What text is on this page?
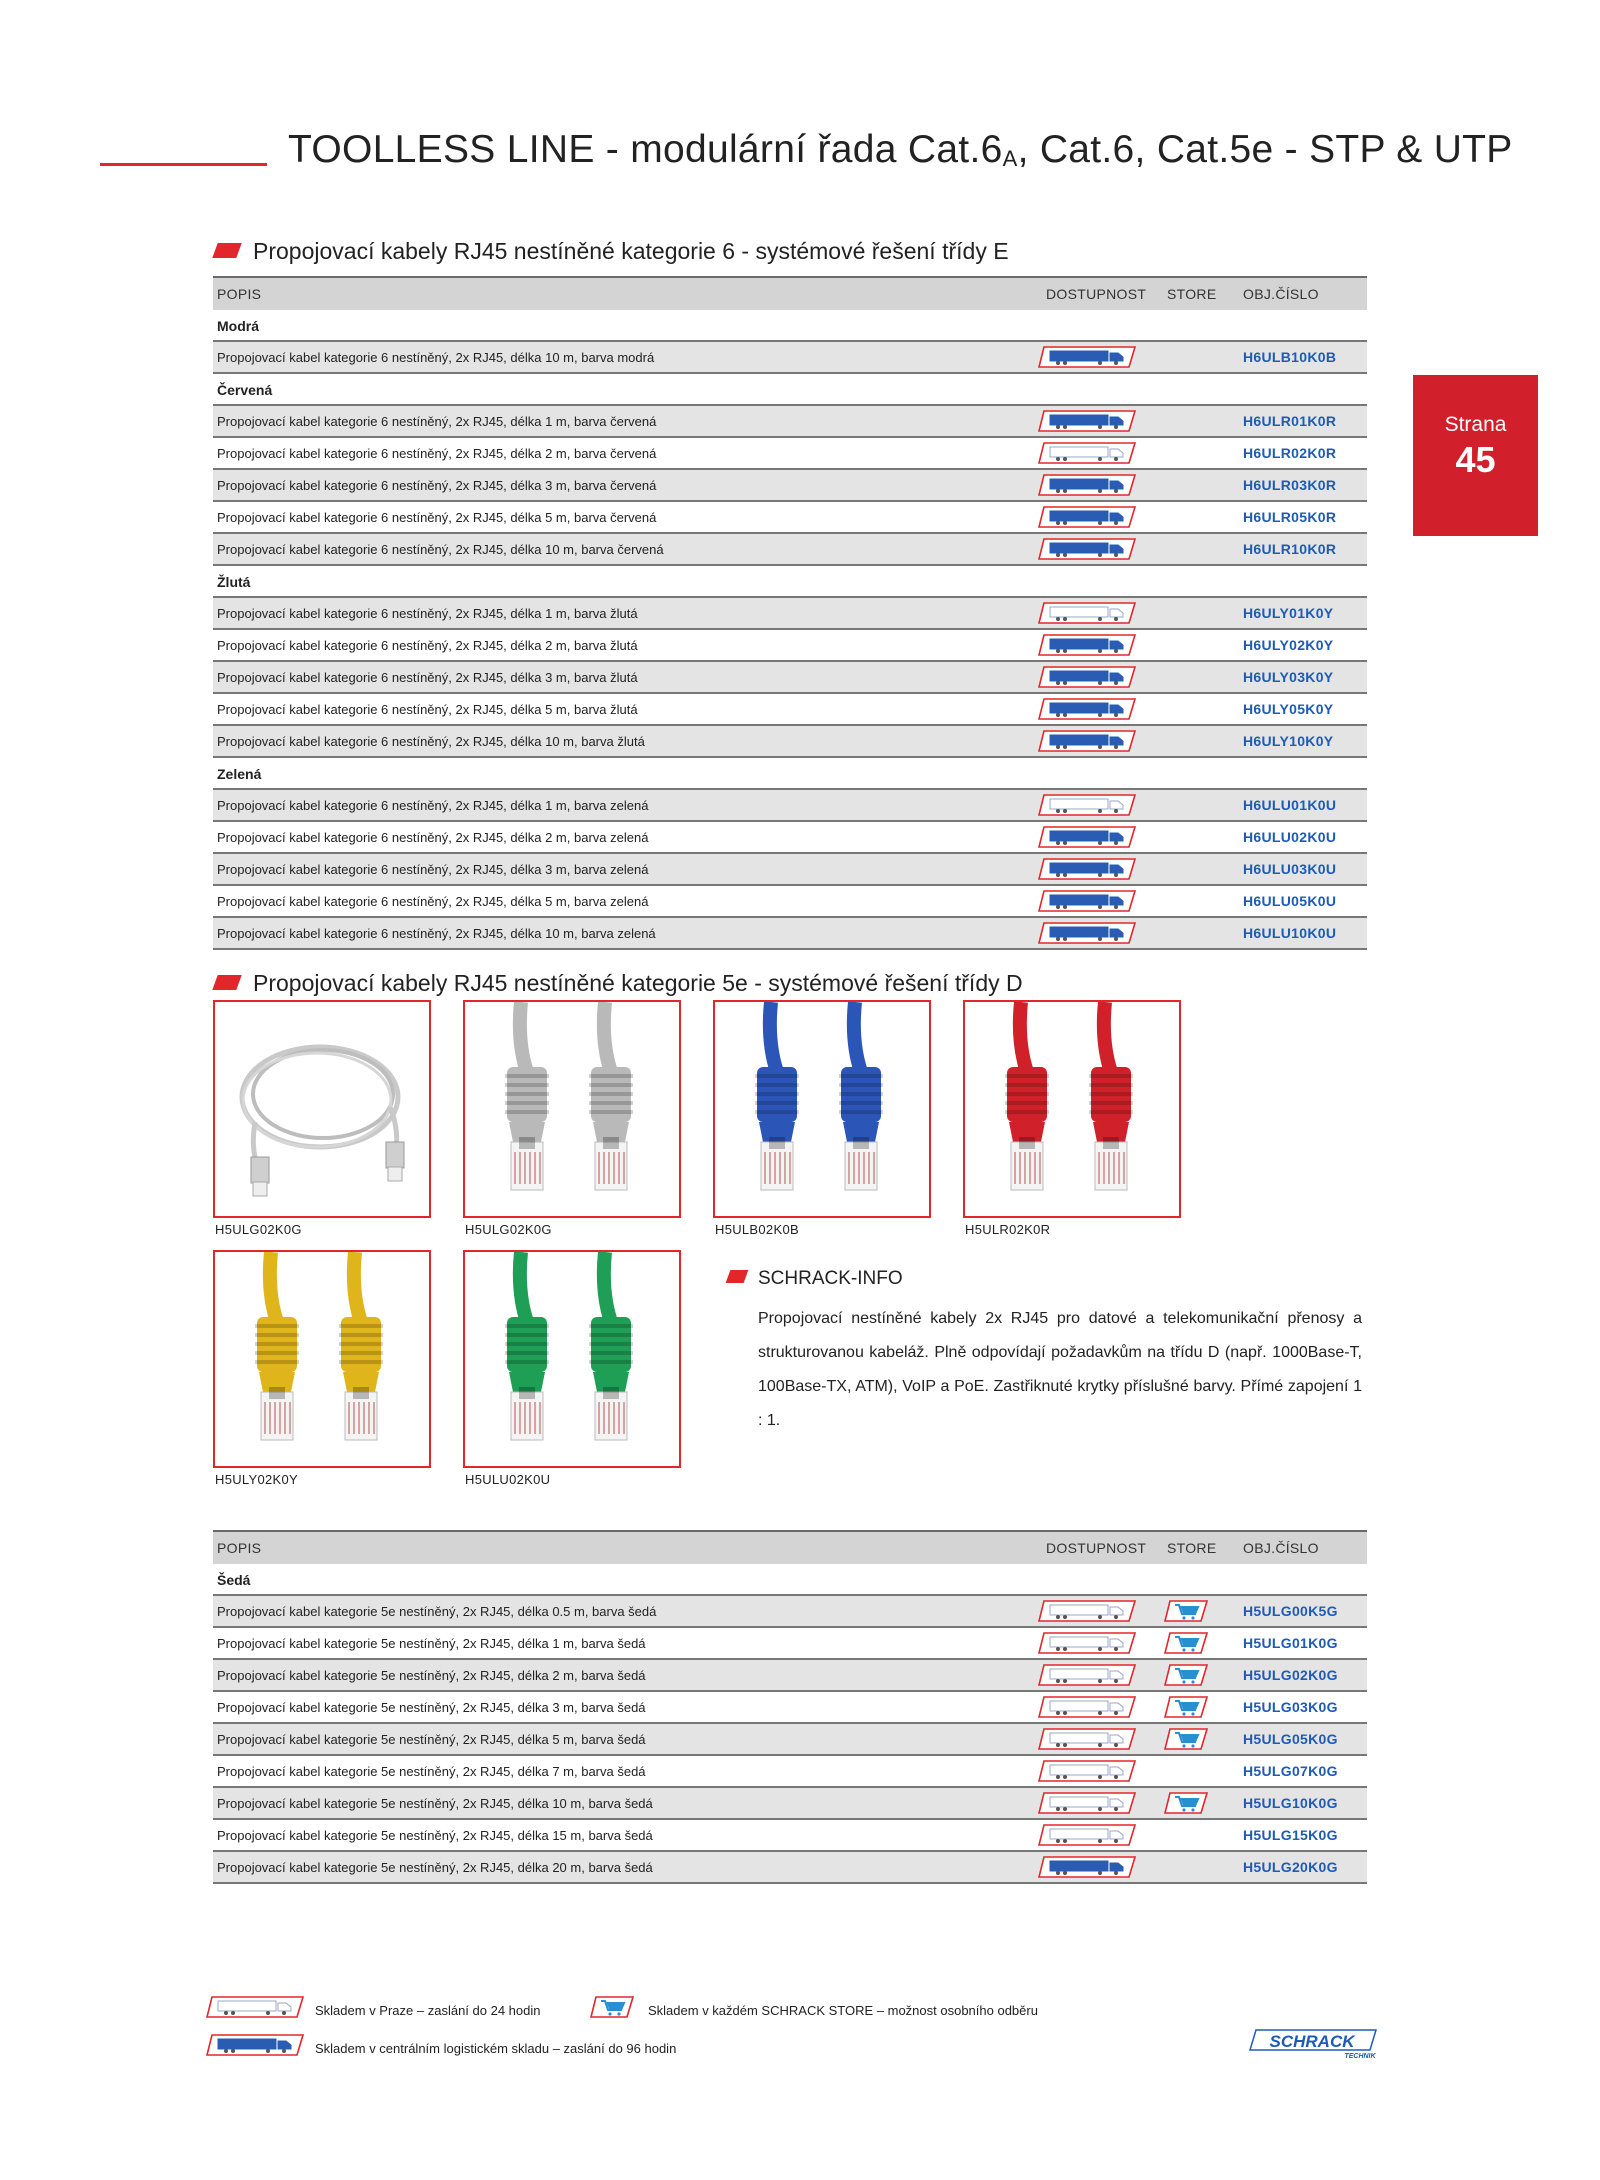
TOOLLESS LINE - modulární řada $Cat.6_A$, Cat.6, Cat.5e - STP & UTP
Strana
45
Propojovací kabely RJ45 nestíněné kategorie 6 - systémové řešení třídy E
POPIS	DOSTUPNOST STORE OBJ.ČÍSLO
Modrá
Propojovací kabel kategorie 6 nestíněný, 2x RJ45, délka 10 m, barva modrá	H6ULB10K0B
Červená
Propojovací kabel kategorie 6 nestíněný, 2x RJ45, délka 1 m, barva červená	H6ULR01K0R
Propojovací kabel kategorie 6 nestíněný, 2x RJ45, délka 2 m, barva červená	H6ULR02K0R
Propojovací kabel kategorie 6 nestíněný, 2x RJ45, délka 3 m, barva červená	H6ULR03K0R
Propojovací kabel kategorie 6 nestíněný, 2x RJ45, délka 5 m, barva červená	H6ULR05K0R
Propojovací kabel kategorie 6 nestíněný, 2x RJ45, délka 10 m, barva červená	H6ULR10K0R
Žlutá
Propojovací kabel kategorie 6 nestíněný, 2x RJ45, délka 1 m, barva žlutá	H6ULY01K0Y
Propojovací kabel kategorie 6 nestíněný, 2x RJ45, délka 2 m, barva žlutá	H6ULY02K0Y
Propojovací kabel kategorie 6 nestíněný, 2x RJ45, délka 3 m, barva žlutá	H6ULY03K0Y
Propojovací kabel kategorie 6 nestíněný, 2x RJ45, délka 5 m, barva žlutá	H6ULY05K0Y
Propojovací kabel kategorie 6 nestíněný, 2x RJ45, délka 10 m, barva žlutá	H6ULY10K0Y
Zelená
Propojovací kabel kategorie 6 nestíněný, 2x RJ45, délka 1 m, barva zelená	H6ULU01K0U
Propojovací kabel kategorie 6 nestíněný, 2x RJ45, délka 2 m, barva zelená	H6ULU02K0U
Propojovací kabel kategorie 6 nestíněný, 2x RJ45, délka 3 m, barva zelená	H6ULU03K0U
Propojovací kabel kategorie 6 nestíněný, 2x RJ45, délka 5 m, barva zelená	H6ULU05K0U
Propojovací kabel kategorie 6 nestíněný, 2x RJ45, délka 10 m, barva zelená	H6ULU10K0U
Propojovací kabely RJ45 nestíněné kategorie 5e - systémové řešení třídy D
H5ULG02K0G	H5ULG02K0G	H5ULB02K0B	H5ULR02K0R
H5ULY02K0Y	H5ULU02K0U
SCHRACK-INFO
Propojovací nestíněné kabely 2x RJ45 pro datové a telekomunikační přenosy a strukturovanou kabeláž. Plně odpovídají požadavkům na třídu D (např. 1000Base-T, 100Base-TX, ATM), VoIP a PoE. Zastřiknuté krytky příslušné barvy. Přímé zapojení 1 : 1.
POPIS	DOSTUPNOST STORE OBJ.ČÍSLO
Šedá
Propojovací kabel kategorie 5e nestíněný, 2x RJ45, délka 0.5 m, barva šedá	H5ULG00K5G
Propojovací kabel kategorie 5e nestíněný, 2x RJ45, délka 1 m, barva šedá	H5ULG01K0G
Propojovací kabel kategorie 5e nestíněný, 2x RJ45, délka 2 m, barva šedá	H5ULG02K0G
Propojovací kabel kategorie 5e nestíněný, 2x RJ45, délka 3 m, barva šedá	H5ULG03K0G
Propojovací kabel kategorie 5e nestíněný, 2x RJ45, délka 5 m, barva šedá	H5ULG05K0G
Propojovací kabel kategorie 5e nestíněný, 2x RJ45, délka 7 m, barva šedá	H5ULG07K0G
Propojovací kabel kategorie 5e nestíněný, 2x RJ45, délka 10 m, barva šedá	H5ULG10K0G
Propojovací kabel kategorie 5e nestíněný, 2x RJ45, délka 15 m, barva šedá	H5ULG15K0G
Propojovací kabel kategorie 5e nestíněný, 2x RJ45, délka 20 m, barva šedá	H5ULG20K0G
Skladem v Praze – zaslání do 24 hodin	Skladem v každém SCHRACK STORE – možnost osobního odběru
Skladem v centrálním logistickém skladu – zaslání do 96 hodin	SCHRACK
TECHNIK
